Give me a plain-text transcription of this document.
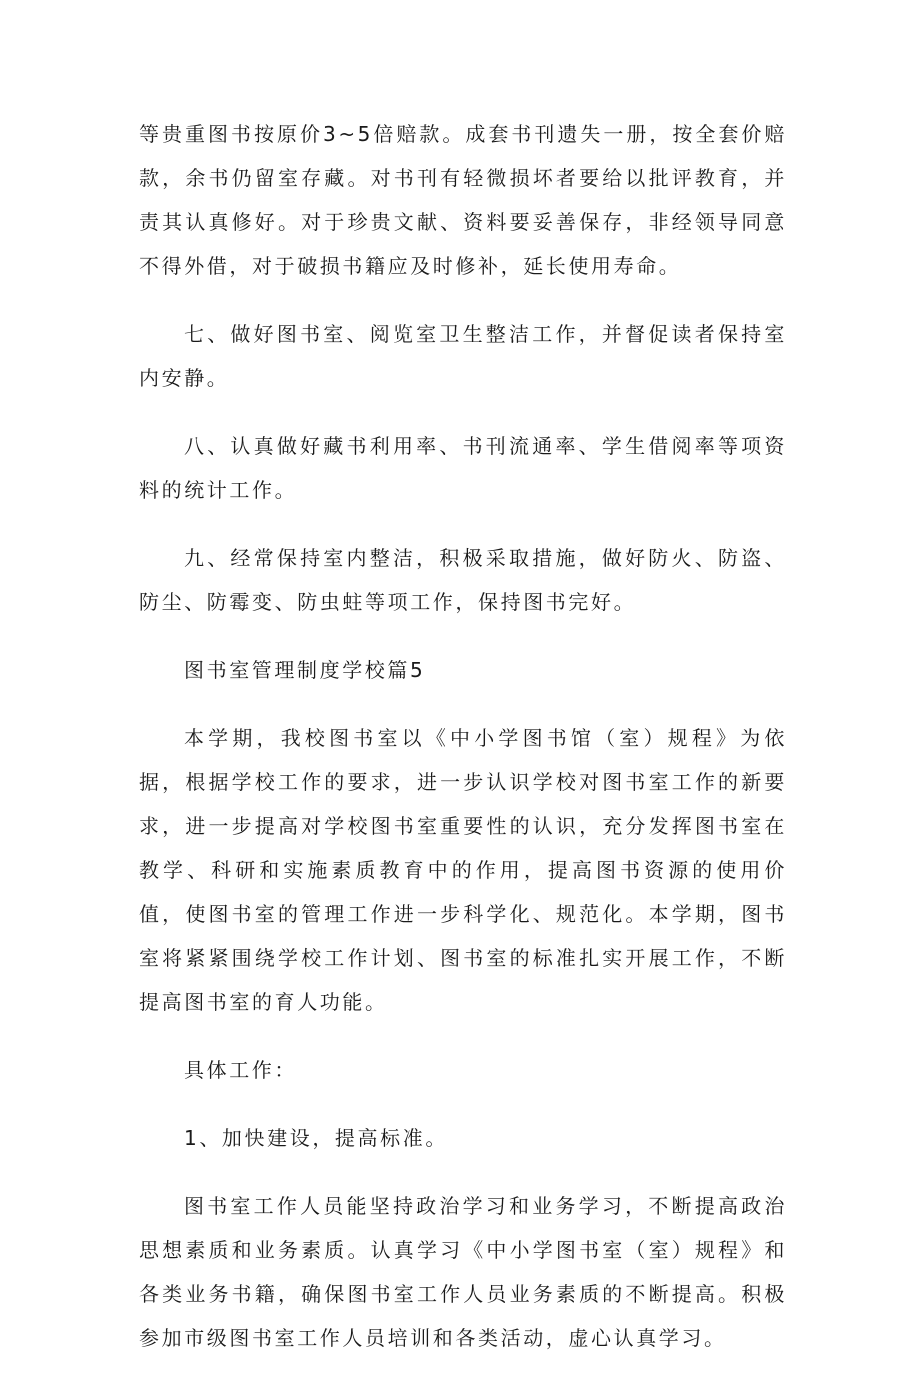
等贵重图书按原价3~5倍赔款。成套书刊遗失一册，按全套价赔款，余书仍留室存藏。对书刊有轻微损坏者要给以批评教育，并责其认真修好。对于珍贵文献、资料要妥善保存，非经领导同意不得外借，对于破损书籍应及时修补，延长使用寿命。

七、做好图书室、阅览室卫生整洁工作，并督促读者保持室内安静。

八、认真做好藏书利用率、书刊流通率、学生借阅率等项资料的统计工作。

九、经常保持室内整洁，积极采取措施，做好防火、防盗、防尘、防霉变、防虫蛀等项工作，保持图书完好。

图书室管理制度学校篇5

本学期，我校图书室以《中小学图书馆（室）规程》为依据，根据学校工作的要求，进一步认识学校对图书室工作的新要求，进一步提高对学校图书室重要性的认识，充分发挥图书室在教学、科研和实施素质教育中的作用，提高图书资源的使用价值，使图书室的管理工作进一步科学化、规范化。本学期，图书室将紧紧围绕学校工作计划、图书室的标准扎实开展工作，不断提高图书室的育人功能。

具体工作：

1、加快建设，提高标准。

图书室工作人员能坚持政治学习和业务学习，不断提高政治思想素质和业务素质。认真学习《中小学图书室（室）规程》和各类业务书籍，确保图书室工作人员业务素质的不断提高。积极参加市级图书室工作人员培训和各类活动，虚心认真学习。
